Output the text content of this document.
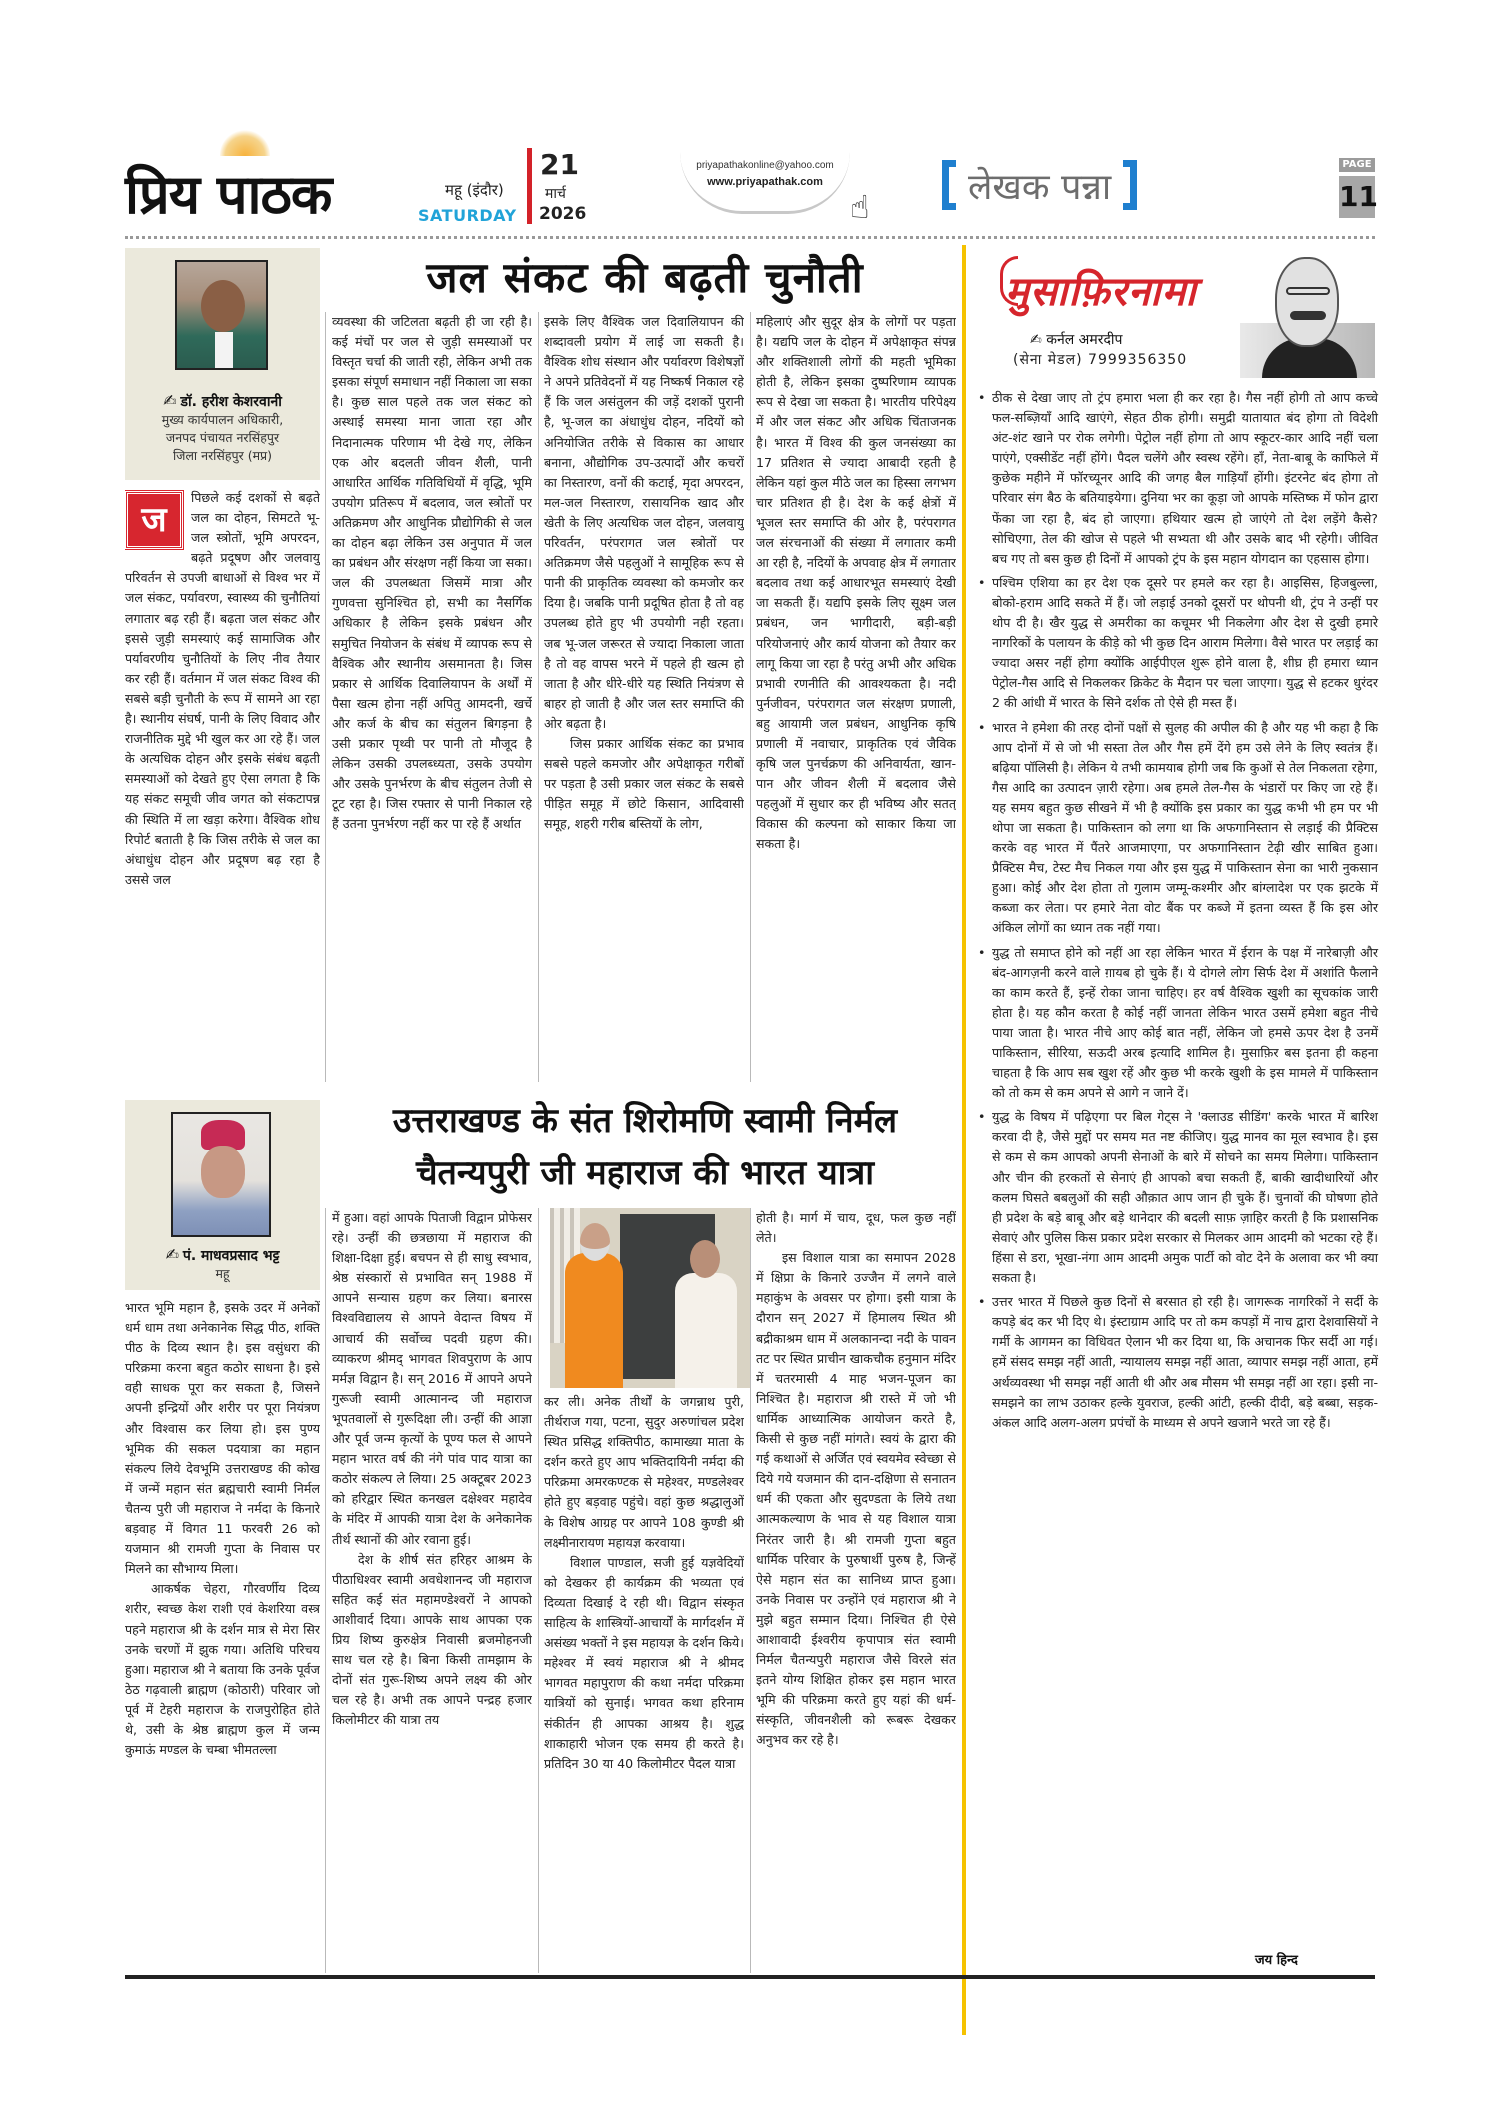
प्रिय पाठक	महू (इंदौर)
SATURDAY
21
मार्च
2026
priyapathakonline@yahoo.com
www.priyapathak.com
☝	लेखक पन्ना
PAGE
11
✍ डॉ. हरीश केशरवानी
मुख्य कार्यपालन अधिकारी,
जनपद पंचायत नरसिंहपुर
जिला नरसिंहपुर (मप्र)
जल संकट की बढ़ती चुनौती
ज

पिछले कई दशकों से बढ़ते जल का दोहन, सिमटते भू-जल स्त्रोतों, भूमि अपरदन, बढ़ते प्रदूषण और जलवायु परिवर्तन से उपजी बाधाओं से विश्व भर में जल संकट, पर्यावरण, स्वास्थ्य की चुनौतियां लगातार बढ़ रही हैं। बढ़ता जल संकट और इससे जुड़ी समस्याएं कई सामाजिक और पर्यावरणीय चुनौतियों के लिए नीव तैयार कर रही हैं। वर्तमान में जल संकट विश्व की सबसे बड़ी चुनौती के रूप में सामने आ रहा है। स्थानीय संघर्ष, पानी के लिए विवाद और राजनीतिक मुद्दे भी खुल कर आ रहे हैं। जल के अत्यधिक दोहन और इसके संबंध बढ़ती समस्याओं को देखते हुए ऐसा लगता है कि यह संकट समूची जीव जगत को संकटापन्न की स्थिति में ला खड़ा करेगा। वैश्विक शोध रिपोर्ट बताती है कि जिस तरीके से जल का अंधाधुंध दोहन और प्रदूषण बढ़ रहा है उससे जल

व्यवस्था की जटिलता बढ़ती ही जा रही है। कई मंचों पर जल से जुड़ी समस्याओं पर विस्तृत चर्चा की जाती रही, लेकिन अभी तक इसका संपूर्ण समाधान नहीं निकाला जा सका है। कुछ साल पहले तक जल संकट को अस्थाई समस्या माना जाता रहा और निदानात्मक परिणाम भी देखे गए, लेकिन एक ओर बदलती जीवन शैली, पानी आधारित आर्थिक गतिविधियों में वृद्धि, भूमि उपयोग प्रतिरूप में बदलाव, जल स्त्रोतों पर अतिक्रमण और आधुनिक प्रौद्योगिकी से जल का दोहन बढ़ा लेकिन उस अनुपात में जल का प्रबंधन और संरक्षण नहीं किया जा सका। जल की उपलब्धता जिसमें मात्रा और गुणवत्ता सुनिश्चित हो, सभी का नैसर्गिक अधिकार है लेकिन इसके प्रबंधन और समुचित नियोजन के संबंध में व्यापक रूप से वैश्विक और स्थानीय असमानता है। जिस प्रकार से आर्थिक दिवालियापन के अर्थों में पैसा खत्म होना नहीं अपितु आमदनी, खर्चे और कर्ज के बीच का संतुलन बिगड़ना है उसी प्रकार पृथ्वी पर पानी तो मौजूद है लेकिन उसकी उपलब्ध्यता, उसके उपयोग और उसके पुनर्भरण के बीच संतुलन तेजी से टूट रहा है। जिस रफ्तार से पानी निकाल रहे हैं उतना पुनर्भरण नहीं कर पा रहे हैं अर्थात

इसके लिए वैश्विक जल दिवालियापन की शब्दावली प्रयोग में लाई जा सकती है। वैश्विक शोध संस्थान और पर्यावरण विशेषज्ञों ने अपने प्रतिवेदनों में यह निष्कर्ष निकाल रहे हैं कि जल असंतुलन की जड़ें दशकों पुरानी है, भू-जल का अंधाधुंध दोहन, नदियों को अनियोजित तरीके से विकास का आधार बनाना, औद्योगिक उप-उत्पादों और कचरों का निस्तारण, वनों की कटाई, मृदा अपरदन, मल-जल निस्तारण, रासायनिक खाद और खेती के लिए अत्यधिक जल दोहन, जलवायु परिवर्तन, परंपरागत जल स्त्रोतों पर अतिक्रमण जैसे पहलुओं ने सामूहिक रूप से पानी की प्राकृतिक व्यवस्था को कमजोर कर दिया है। जबकि पानी प्रदूषित होता है तो वह उपलब्ध होते हुए भी उपयोगी नही रहता। जब भू-जल जरूरत से ज्यादा निकाला जाता है तो वह वापस भरने में पहले ही खत्म हो जाता है और धीरे-धीरे यह स्थिति नियंत्रण से बाहर हो जाती है और जल स्तर समाप्ति की ओर बढ़ता है।

जिस प्रकार आर्थिक संकट का प्रभाव सबसे पहले कमजोर और अपेक्षाकृत गरीबों पर पड़ता है उसी प्रकार जल संकट के सबसे पीड़ित समूह में छोटे किसान, आदिवासी समूह, शहरी गरीब बस्तियों के लोग,

महिलाएं और सुदूर क्षेत्र के लोगों पर पड़ता है। यद्यपि जल के दोहन में अपेक्षाकृत संपन्न और शक्तिशाली लोगों की महती भूमिका होती है, लेकिन इसका दुष्परिणाम व्यापक रूप से देखा जा सकता है। भारतीय परिपेक्ष्य में और जल संकट और अधिक चिंताजनक है। भारत में विश्व की कुल जनसंख्या का 17 प्रतिशत से ज्यादा आबादी रहती है लेकिन यहां कुल मीठे जल का हिस्सा लगभग चार प्रतिशत ही है। देश के कई क्षेत्रों में भूजल स्तर समाप्ति की ओर है, परंपरागत जल संरचनाओं की संख्या में लगातार कमी आ रही है, नदियों के अपवाह क्षेत्र में लगातार बदलाव तथा कई आधारभूत समस्याएं देखी जा सकती हैं। यद्यपि इसके लिए सूक्ष्म जल प्रबंधन, जन भागीदारी, बड़ी-बड़ी परियोजनाएं और कार्य योजना को तैयार कर लागू किया जा रहा है परंतु अभी और अधिक प्रभावी रणनीति की आवश्यकता है। नदी पुर्नजीवन, परंपरागत जल संरक्षण प्रणाली, बहु आयामी जल प्रबंधन, आधुनिक कृषि प्रणाली में नवाचार, प्राकृतिक एवं जैविक कृषि जल पुनर्चक्रण की अनिवार्यता, खान-पान और जीवन शैली में बदलाव जैसे पहलुओं में सुधार कर ही भविष्य और सतत् विकास की कल्पना को साकार किया जा सकता है।

✍ पं. माधवप्रसाद भट्ट
महू
उत्तराखण्ड के संत शिरोमणि स्वामी निर्मल
चैतन्यपुरी जी महाराज की भारत यात्रा

भारत भूमि महान है, इसके उदर में अनेकों धर्म धाम तथा अनेकानेक सिद्ध पीठ, शक्ति पीठ के दिव्य स्थान है। इस वसुंधरा की परिक्रमा करना बहुत कठोर साधना है। इसे वही साधक पूरा कर सकता है, जिसने अपनी इन्द्रियों और शरीर पर पूरा नियंत्रण और विश्वास कर लिया हो। इस पुण्य भूमिक की सकल पदयात्रा का महान संकल्प लिये देवभूमि उत्तराखण्ड की कोख में जन्में महान संत ब्रह्मचारी स्वामी निर्मल चैतन्य पुरी जी महाराज ने नर्मदा के किनारे बड़वाह में विगत 11 फरवरी 26 को यजमान श्री रामजी गुप्ता के निवास पर मिलने का सौभाग्य मिला।

आकर्षक चेहरा, गौरवर्णीय दिव्य शरीर, स्वच्छ केश राशी एवं केशरिया वस्त्र पहने महाराज श्री के दर्शन मात्र से मेरा सिर उनके चरणों में झुक गया। अतिथि परिचय हुआ। महाराज श्री ने बताया कि उनके पूर्वज ठेठ गढ़वाली ब्राह्मण (कोठारी) परिवार जो पूर्व में टेहरी महाराज के राजपुरोहित होते थे, उसी के श्रेष्ठ ब्राह्मण कुल में जन्म कुमाऊं मण्डल के चम्बा भीमतल्ला

में हुआ। वहां आपके पिताजी विद्वान प्रोफेसर रहे। उन्हीं की छत्रछाया में महाराज की शिक्षा-दिक्षा हुई। बचपन से ही साधु स्वभाव, श्रेष्ठ संस्कारों से प्रभावित सन् 1988 में आपने सन्यास ग्रहण कर लिया। बनारस विश्वविद्यालय से आपने वेदान्त विषय में आचार्य की सर्वोच्च पदवी ग्रहण की। व्याकरण श्रीमद् भागवत शिवपुराण के आप मर्मज्ञ विद्वान है। सन् 2016 में आपने अपने गुरूजी स्वामी आत्मानन्द जी महाराज भूपतवालों से गुरूदिक्षा ली। उन्हीं की आज्ञा और पूर्व जन्म कृत्यों के पूण्य फल से आपने महान भारत वर्ष की नंगे पांव पाद यात्रा का कठोर संकल्प ले लिया। 25 अक्टूबर 2023 को हरिद्वार स्थित कनखल दक्षेश्वर महादेव के मंदिर में आपकी यात्रा देश के अनेकानेक तीर्थ स्थानों की ओर रवाना हुई।

देश के शीर्ष संत हरिहर आश्रम के पीठाधिश्वर स्वामी अवधेशानन्द जी महाराज सहित कई संत महामण्डेश्वरों ने आपको आशीवार्द दिया। आपके साथ आपका एक प्रिय शिष्य कुरुक्षेत्र निवासी ब्रजमोहनजी साथ चल रहे है। बिना किसी तामझाम के दोनों संत गुरू-शिष्य अपने लक्ष्य की ओर चल रहे है। अभी तक आपने पन्द्रह हजार किलोमीटर की यात्रा तय

कर ली। अनेक तीर्थों के जगन्नाथ पुरी, तीर्थराज गया, पटना, सुदुर अरुणांचल प्रदेश स्थित प्रसिद्ध शक्तिपीठ, कामाख्या माता के दर्शन करते हुए आप भक्तिदायिनी नर्मदा की परिक्रमा अमरकण्टक से महेश्वर, मण्डलेश्वर होते हुए बड़वाह पहुंचे। वहां कुछ श्रद्धालुओं के विशेष आग्रह पर आपने 108 कुण्डी श्री लक्ष्मीनारायण महायज्ञ करवाया।

विशाल पाण्डाल, सजी हुई यज्ञवेदियों को देखकर ही कार्यक्रम की भव्यता एवं दिव्यता दिखाई दे रही थी। विद्वान संस्कृत साहित्य के शास्त्रियों-आचार्यों के मार्गदर्शन में असंख्य भक्तों ने इस महायज्ञ के दर्शन किये। महेश्वर में स्वयं महाराज श्री ने श्रीमद भागवत महापुराण की कथा नर्मदा परिक्रमा यात्रियों को सुनाई। भगवत कथा हरिनाम संकीर्तन ही आपका आश्रय है। शुद्ध शाकाहारी भोजन एक समय ही करते है। प्रतिदिन 30 या 40 किलोमीटर पैदल यात्रा

होती है। मार्ग में चाय, दूध, फल कुछ नहीं लेते।

इस विशाल यात्रा का समापन 2028 में क्षिप्रा के किनारे उज्जैन में लगने वाले महाकुंभ के अवसर पर होगा। इसी यात्रा के दौरान सन् 2027 में हिमालय स्थित श्री बद्रीकाश्रम धाम में अलकानन्दा नदी के पावन तट पर स्थित प्राचीन खाकचौक हनुमान मंदिर में चतरमासी 4 माह भजन-पूजन का निश्चित है। महाराज श्री रास्ते में जो भी धार्मिक आध्यात्मिक आयोजन करते है, किसी से कुछ नहीं मांगते। स्वयं के द्वारा की गई कथाओं से अर्जित एवं स्वयमेव स्वेच्छा से दिये गये यजमान की दान-दक्षिणा से सनातन धर्म की एकता और सुदण्डता के लिये तथा आत्मकल्याण के भाव से यह विशाल यात्रा निरंतर जारी है। श्री रामजी गुप्ता बहुत धार्मिक परिवार के पुरुषार्थी पुरुष है, जिन्हें ऐसे महान संत का सानिध्य प्राप्त हुआ। उनके निवास पर उन्होंने एवं महाराज श्री ने मुझे बहुत सम्मान दिया। निश्चित ही ऐसे आशावादी ईश्वरीय कृपापात्र संत स्वामी निर्मल चैतन्यपुरी महाराज जैसे विरले संत इतने योग्य शिक्षित होकर इस महान भारत भूमि की परिक्रमा करते हुए यहां की धर्म-संस्कृति, जीवनशैली को रूबरू देखकर अनुभव कर रहे है।

मुसाफ़िरनामा
✍ कर्नल अमरदीप
(सेना मेडल) 7999356350
• ठीक से देखा जाए तो ट्रंप हमारा भला ही कर रहा है। गैस नहीं होगी तो आप कच्चे फल-सब्ज़ियाँ आदि खाएंगे, सेहत ठीक होगी। समुद्री यातायात बंद होगा तो विदेशी अंट-शंट खाने पर रोक लगेगी। पेट्रोल नहीं होगा तो आप स्कूटर-कार आदि नहीं चला पाएंगे, एक्सीडेंट नहीं होंगे। पैदल चलेंगे और स्वस्थ रहेंगे। हाँ, नेता-बाबू के काफिले में कुछेक महीने में फॉरच्यूनर आदि की जगह बैल गाड़ियाँ होंगी। इंटरनेट बंद होगा तो परिवार संग बैठ के बतियाइयेगा। दुनिया भर का कूड़ा जो आपके मस्तिष्क में फोन द्वारा फेंका जा रहा है, बंद हो जाएगा। हथियार खत्म हो जाएंगे तो देश लड़ेंगे कैसे? सोचिएगा, तेल की खोज से पहले भी सभ्यता थी और उसके बाद भी रहेगी। जीवित बच गए तो बस कुछ ही दिनों में आपको ट्रंप के इस महान योगदान का एहसास होगा।
• पश्चिम एशिया का हर देश एक दूसरे पर हमले कर रहा है। आइसिस, हिजबुल्ला, बोको-हराम आदि सकते में हैं। जो लड़ाई उनको दूसरों पर थोपनी थी, ट्रंप ने उन्हीं पर थोप दी है। खैर युद्ध से अमरीका का कचूमर भी निकलेगा और देश से दुखी हमारे नागरिकों के पलायन के कीड़े को भी कुछ दिन आराम मिलेगा। वैसे भारत पर लड़ाई का ज्यादा असर नहीं होगा क्योंकि आईपीएल शुरू होने वाला है, शीघ्र ही हमारा ध्यान पेट्रोल-गैस आदि से निकलकर क्रिकेट के मैदान पर चला जाएगा। युद्ध से हटकर धुरंदर 2 की आंधी में भारत के सिने दर्शक तो ऐसे ही मस्त हैं।
• भारत ने हमेशा की तरह दोनों पक्षों से सुलह की अपील की है और यह भी कहा है कि आप दोनों में से जो भी सस्ता तेल और गैस हमें देंगे हम उसे लेने के लिए स्वतंत्र हैं। बढ़िया पॉलिसी है। लेकिन ये तभी कामयाब होगी जब कि कुओं से तेल निकलता रहेगा, गैस आदि का उत्पादन ज़ारी रहेगा। अब हमले तेल-गैस के भंडारों पर किए जा रहे हैं। यह समय बहुत कुछ सीखने में भी है क्योंकि इस प्रकार का युद्ध कभी भी हम पर भी थोपा जा सकता है। पाकिस्तान को लगा था कि अफगानिस्तान से लड़ाई की प्रैक्टिस करके वह भारत में पैंतरे आजमाएगा, पर अफगानिस्तान टेढ़ी खीर साबित हुआ। प्रैक्टिस मैच, टेस्ट मैच निकल गया और इस युद्ध में पाकिस्तान सेना का भारी नुकसान हुआ। कोई और देश होता तो गुलाम जम्मू-कश्मीर और बांग्लादेश पर एक झटके में कब्जा कर लेता। पर हमारे नेता वोट बैंक पर कब्जे में इतना व्यस्त हैं कि इस ओर अंकिल लोगों का ध्यान तक नहीं गया।
• युद्ध तो समाप्त होने को नहीं आ रहा लेकिन भारत में ईरान के पक्ष में नारेबाज़ी और बंद-आगज़नी करने वाले ग़ायब हो चुके हैं। ये दोगले लोग सिर्फ देश में अशांति फैलाने का काम करते हैं, इन्हें रोका जाना चाहिए। हर वर्ष वैश्विक खुशी का सूचकांक जारी होता है। यह कौन करता है कोई नहीं जानता लेकिन भारत उसमें हमेशा बहुत नीचे पाया जाता है। भारत नीचे आए कोई बात नहीं, लेकिन जो हमसे ऊपर देश है उनमें पाकिस्तान, सीरिया, सऊदी अरब इत्यादि शामिल है। मुसाफ़िर बस इतना ही कहना चाहता है कि आप सब खुश रहें और कुछ भी करके खुशी के इस मामले में पाकिस्तान को तो कम से कम अपने से आगे न जाने दें।
• युद्ध के विषय में पढ़िएगा पर बिल गेट्स ने 'क्लाउड सीडिंग' करके भारत में बारिश करवा दी है, जैसे मुद्दों पर समय मत नष्ट कीजिए। युद्ध मानव का मूल स्वभाव है। इस से कम से कम आपको अपनी सेनाओं के बारे में सोचने का समय मिलेगा। पाकिस्तान और चीन की हरकतों से सेनाएं ही आपको बचा सकती हैं, बाकी खादीधारियों और कलम घिसते बबलुओं की सही औक़ात आप जान ही चुके हैं। चुनावों की घोषणा होते ही प्रदेश के बड़े बाबू और बड़े थानेदार की बदली साफ़ ज़ाहिर करती है कि प्रशासनिक सेवाएं और पुलिस किस प्रकार प्रदेश सरकार से मिलकर आम आदमी को भटका रहे हैं। हिंसा से डरा, भूखा-नंगा आम आदमी अमुक पार्टी को वोट देने के अलावा कर भी क्या सकता है।
• उत्तर भारत में पिछले कुछ दिनों से बरसात हो रही है। जागरूक नागरिकों ने सर्दी के कपड़े बंद कर भी दिए थे। इंस्टाग्राम आदि पर तो कम कपड़ों में नाच द्वारा देशवासियों ने गर्मी के आगमन का विधिवत ऐलान भी कर दिया था, कि अचानक फिर सर्दी आ गई। हमें संसद समझ नहीं आती, न्यायालय समझ नहीं आता, व्यापार समझ नहीं आता, हमें अर्थव्यवस्था भी समझ नहीं आती थी और अब मौसम भी समझ नहीं आ रहा। इसी ना-समझने का लाभ उठाकर हल्के युवराज, हल्की आंटी, हल्की दीदी, बड़े बब्बा, सड़क-अंकल आदि अलग-अलग प्रपंचों के माध्यम से अपने खजाने भरते जा रहे हैं।
जय हिन्द
